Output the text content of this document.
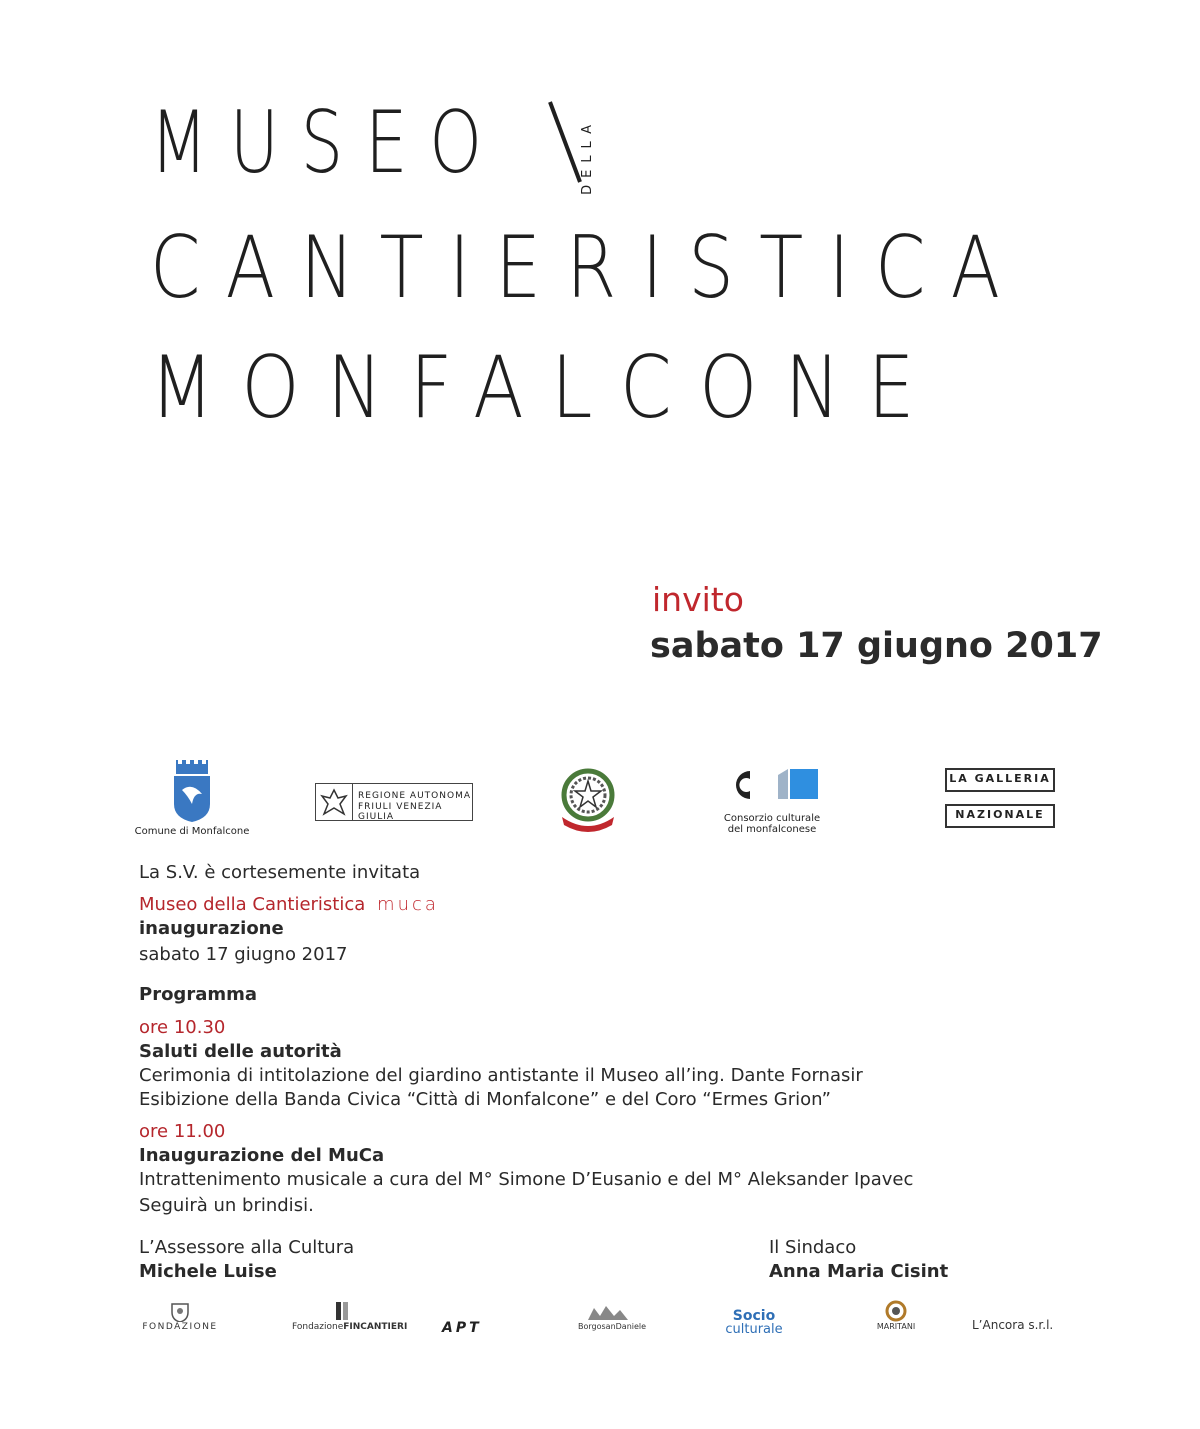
MUSEO	DELLA
CANTIERISTICA
MONFALCONE
invito
sabato 17 giugno 2017
Comune di Monfalcone
REGIONE AUTONOMA
FRIULI VENEZIA GIULIA	Consorzio culturale
del monfalconese
LA GALLERIA
NAZIONALE
La S.V. è cortesemente invitata
Museo della Cantieristica muca
inaugurazione
sabato 17 giugno 2017
Programma
ore 10.30
Saluti delle autorità
Cerimonia di intitolazione del giardino antistante il Museo all’ing. Dante Fornasir
Esibizione della Banda Civica “Città di Monfalcone” e del Coro “Ermes Grion”
ore 11.00
Inaugurazione del MuCa
Intrattenimento musicale a cura del M° Simone D’Eusanio e del M° Aleksander Ipavec
Seguirà un brindisi.
L’Assessore alla Cultura
Michele Luise
Il Sindaco
Anna Maria Cisint
FONDAZIONE	FondazioneFINCANTIERI APT	BorgosanDaniele
Socio
culturale	MARITANI	L’Ancora s.r.l.
